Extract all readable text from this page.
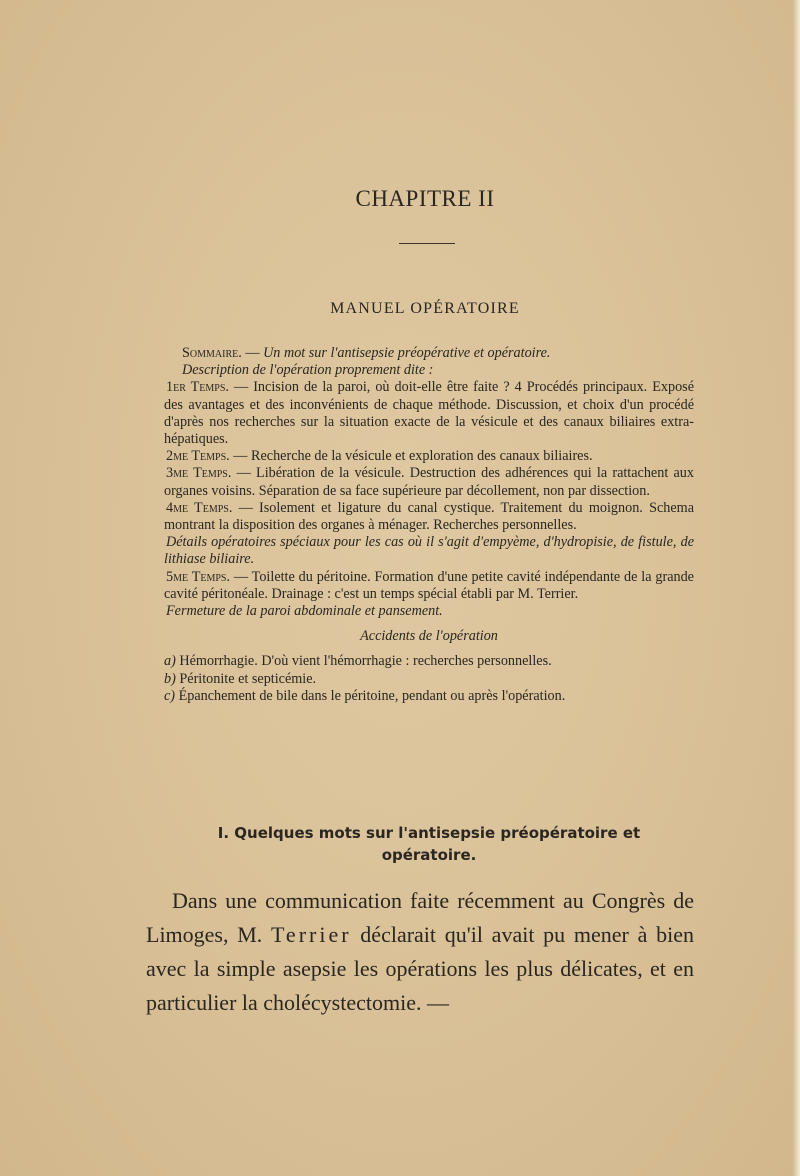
CHAPITRE II
MANUEL OPÉRATOIRE

Sommaire. — Un mot sur l'antisepsie préopérative et opératoire.

Description de l'opération proprement dite :

1er Temps. — Incision de la paroi, où doit-elle être faite ? 4 Procédés principaux. Exposé des avantages et des inconvénients de chaque méthode. Discussion, et choix d'un procédé d'après nos recherches sur la situation exacte de la vésicule et des canaux biliaires extra-hépatiques.

2me Temps. — Recherche de la vésicule et exploration des canaux biliaires.

3me Temps. — Libération de la vésicule. Destruction des adhérences qui la rattachent aux organes voisins. Séparation de sa face supérieure par décollement, non par dissection.

4me Temps. — Isolement et ligature du canal cystique. Traitement du moignon. Schema montrant la disposition des organes à ménager. Recherches personnelles.

Détails opératoires spéciaux pour les cas où il s'agit d'empyème, d'hydropisie, de fistule, de lithiase biliaire.

5me Temps. — Toilette du péritoine. Formation d'une petite cavité indépendante de la grande cavité péritonéale. Drainage : c'est un temps spécial établi par M. Terrier.

Fermeture de la paroi abdominale et pansement.

Accidents de l'opération

a) Hémorrhagie. D'où vient l'hémorrhagie : recherches personnelles.

b) Péritonite et septicémie.

c) Épanchement de bile dans le péritoine, pendant ou après l'opération.

I. Quelques mots sur l'antisepsie préopératoire et
opératoire.
Dans une communication faite récemment au Congrès de Limoges, M. Terrier déclarait qu'il avait pu mener à bien avec la simple asepsie les opérations les plus délicates, et en particulier la cholécystectomie. —
